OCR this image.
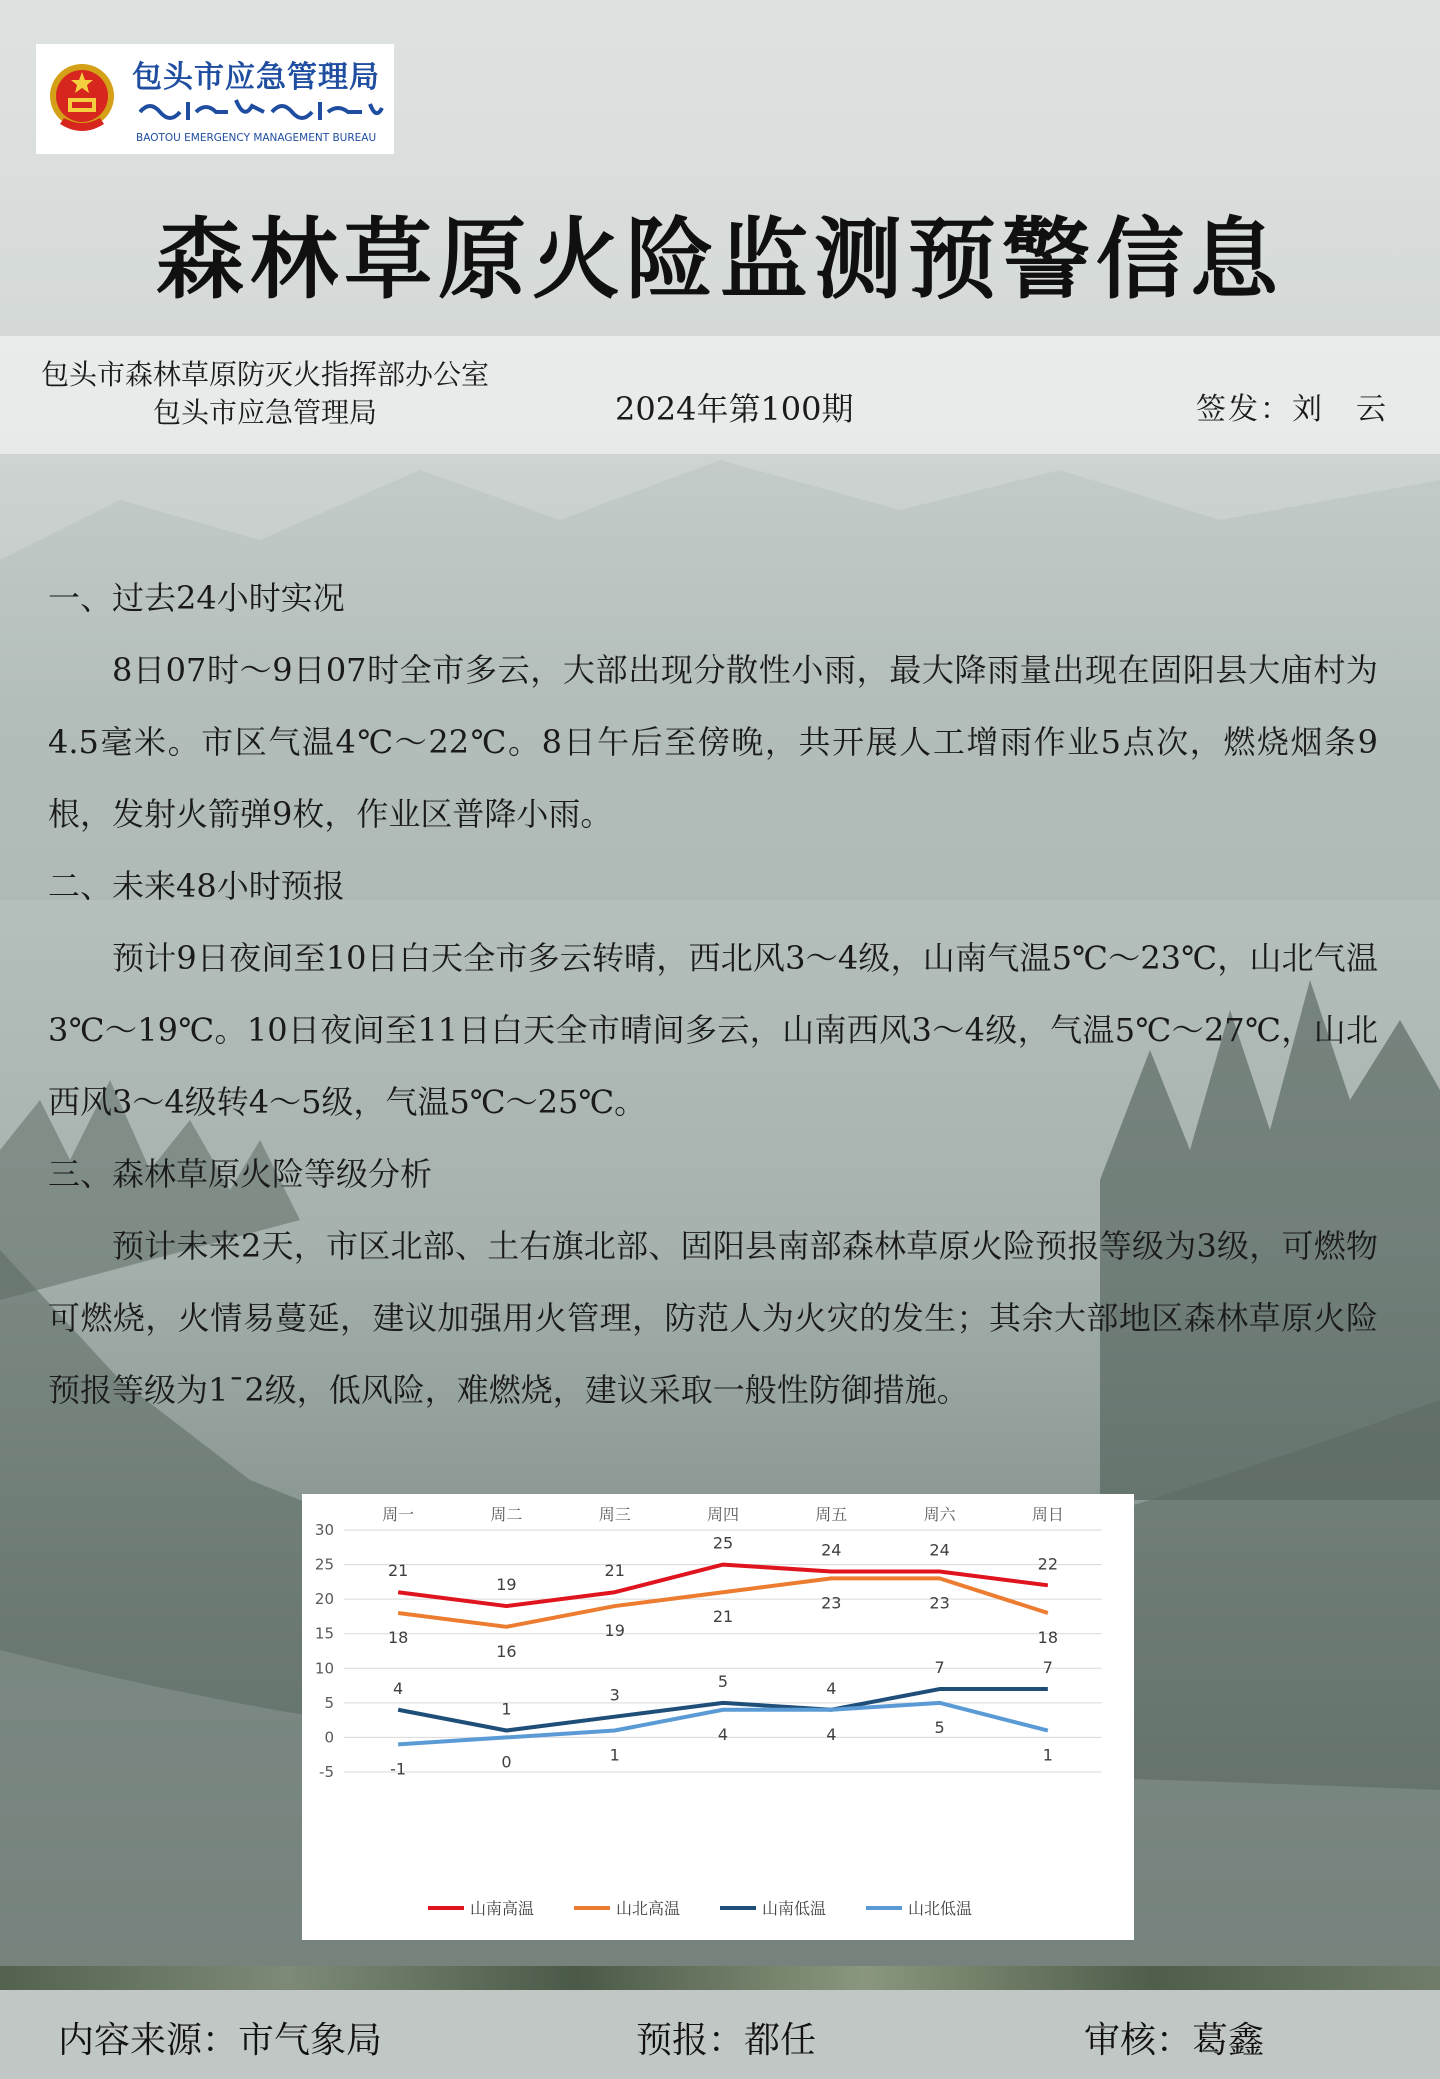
包头市应急管理局
BAOTOU EMERGENCY MANAGEMENT BUREAU
森林草原火险监测预警信息
包头市森林草原防灭火指挥部办公室
包头市应急管理局	2024年第100期	签发：刘　云
一、过去24小时实况

8日07时～9日07时全市多云，大部出现分散性小雨，最大降雨量出现在固阳县大庙村为4.5毫米。市区气温4℃～22℃。8日午后至傍晚，共开展人工增雨作业5点次，燃烧烟条9根，发射火箭弹9枚，作业区普降小雨。

二、未来48小时预报

预计9日夜间至10日白天全市多云转晴，西北风3～4级，山南气温5℃～23℃，山北气温3℃～19℃。10日夜间至11日白天全市晴间多云，山南西风3～4级，气温5℃～27℃，山北西风3～4级转4～5级，气温5℃～25℃。

三、森林草原火险等级分析

预计未来2天，市区北部、土右旗北部、固阳县南部森林草原火险预报等级为3级，可燃物可燃烧，火情易蔓延，建议加强用火管理，防范人为火灾的发生；其余大部地区森林草原火险预报等级为1¯2级，低风险，难燃烧，建议采取一般性防御措施。

-5
0
5
10
15
20
25
30
周一	周二	周三	周四	周五	周六	周日
21
19
21
25	24	24
22
山南高温
18
16
19
21
23	23
18
山北高温
4
1
3
5	4
7	7
山南低温
-1	0	1
4	4	5
1
山北低温
内容来源：市气象局	预报：都任	审核：葛鑫
